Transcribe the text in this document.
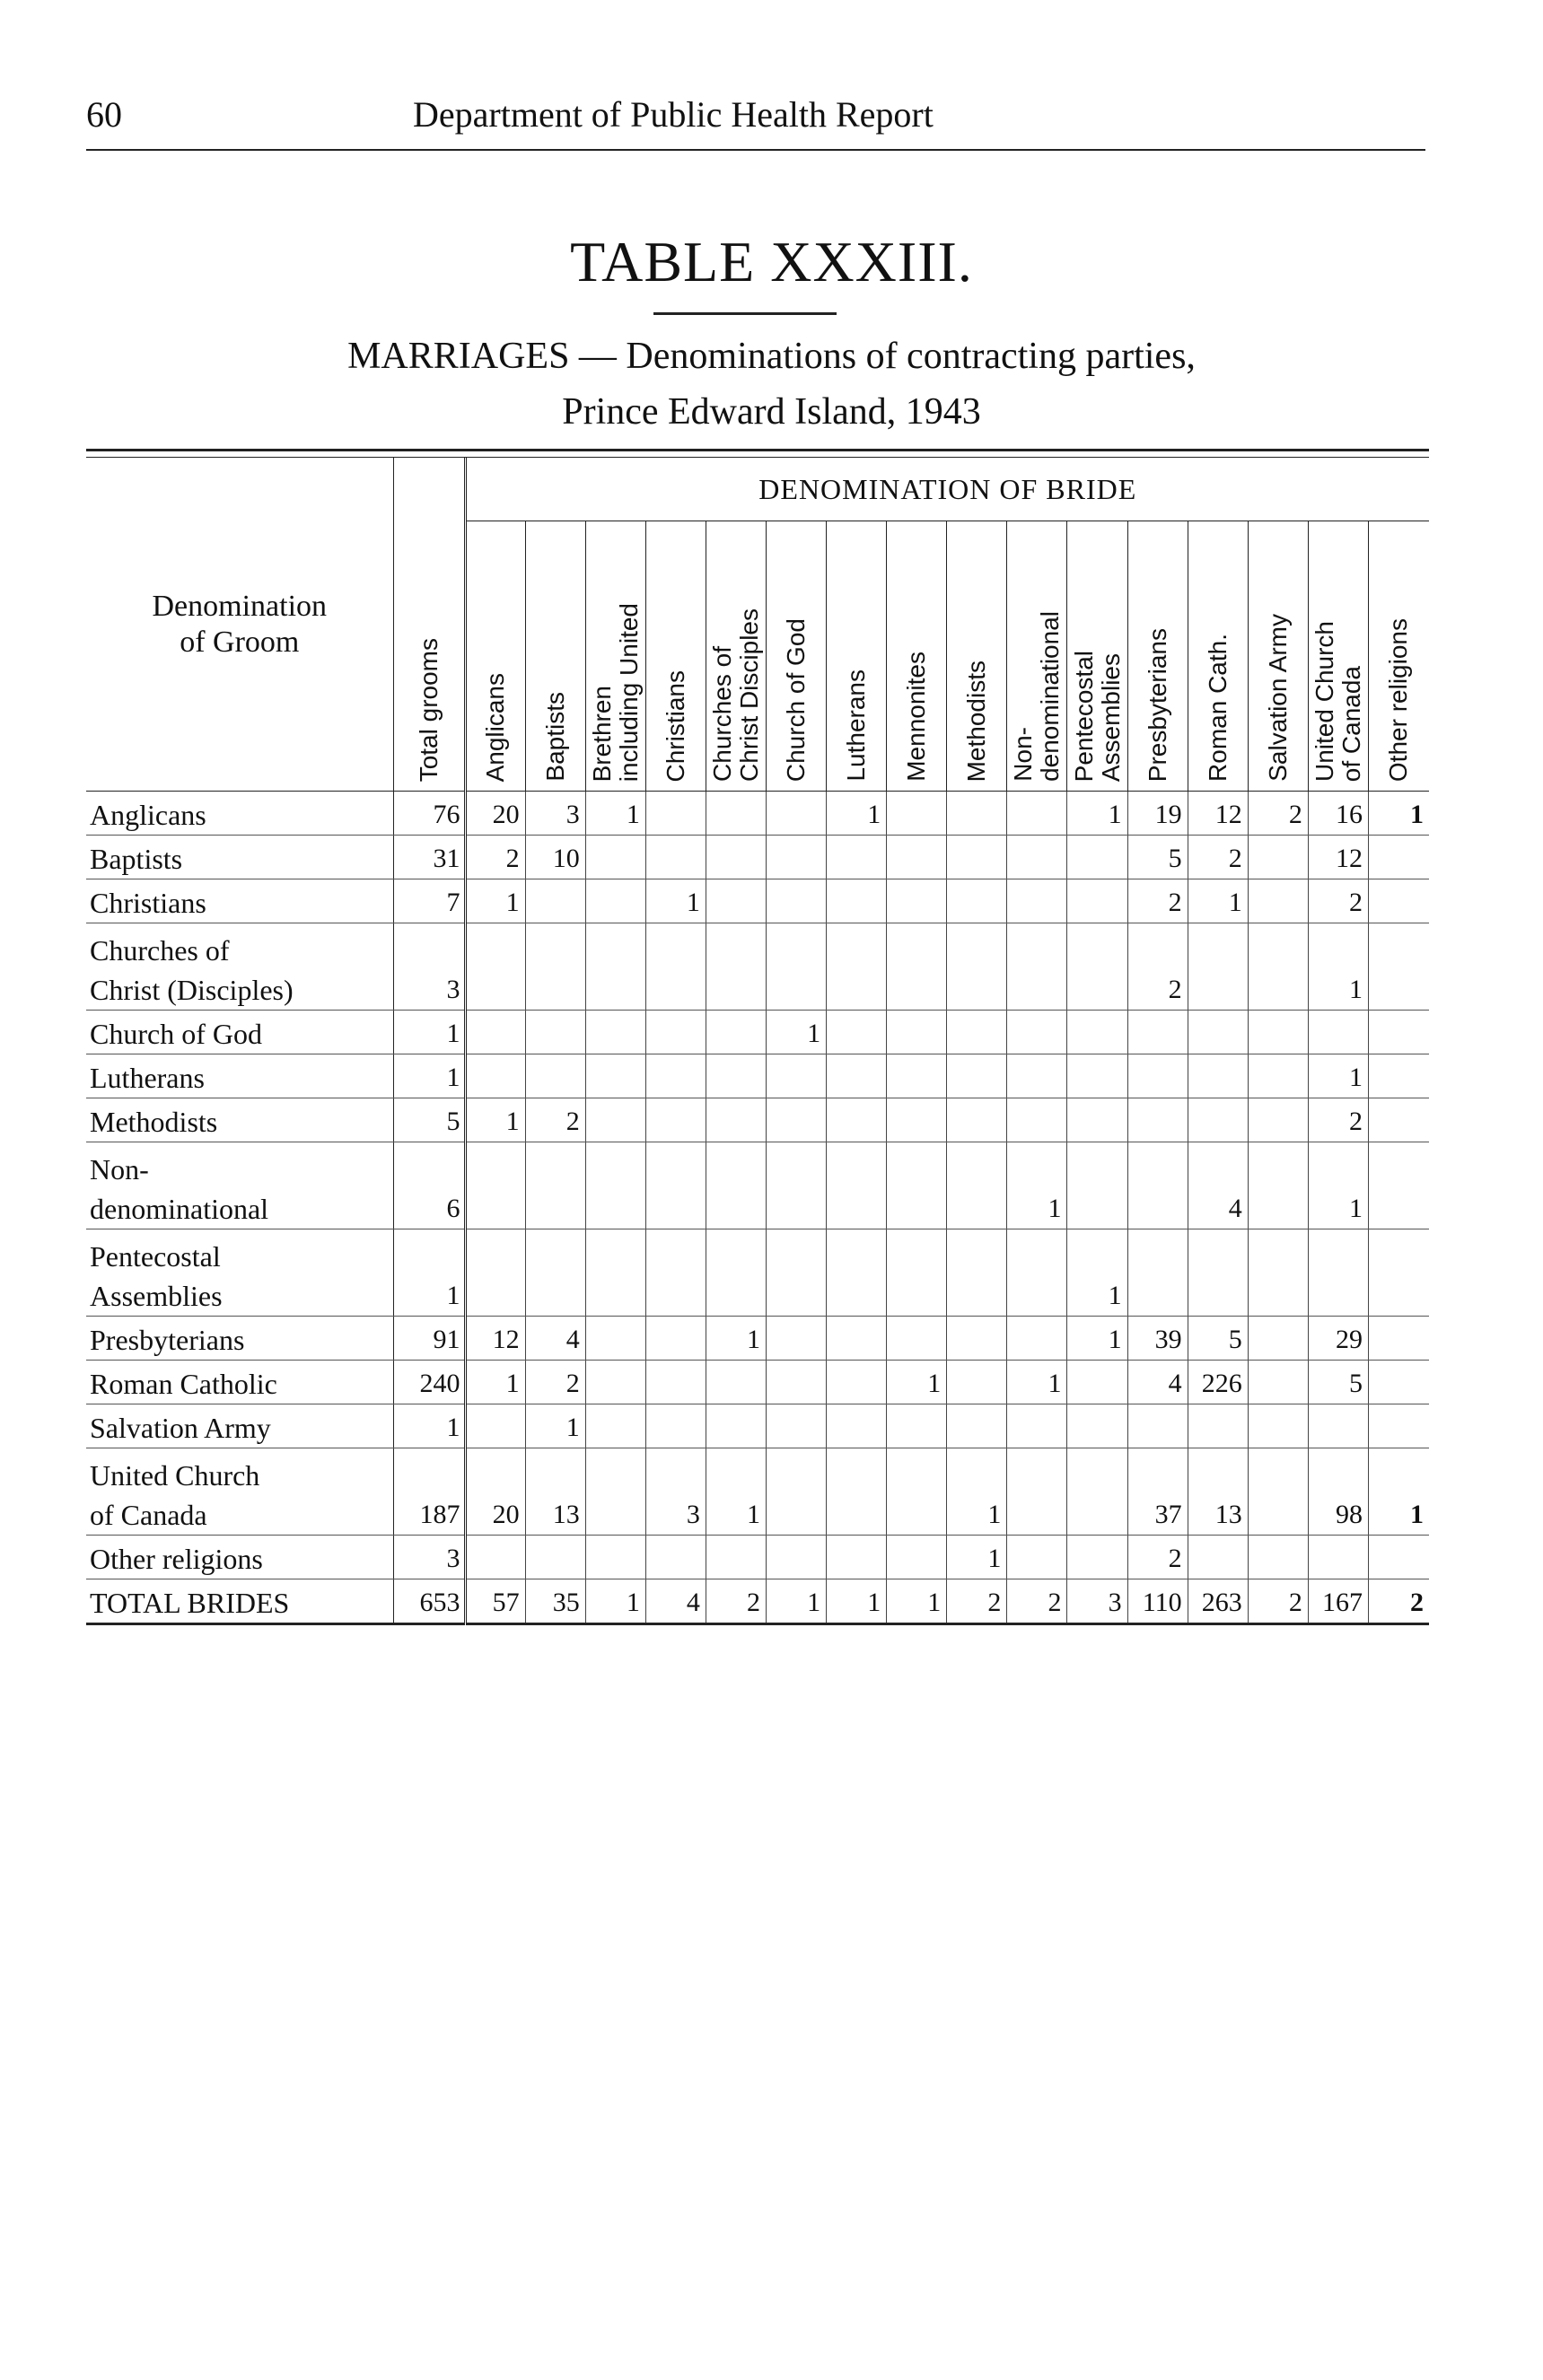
60	Department of Public Health Report
TABLE XXXIII.
MARRIAGES — Denominations of contracting parties,
Prince Edward Island, 1943
Denomination
of Groom	Total grooms	DENOMINATION OF BRIDE															

		Anglicans	Baptists	Brethren including United	Christians	Churches of Christ Disciples	Church of God	Lutherans	Mennonites	Methodists	Non- denominational	Pentecostal Assemblies	Presbyterians	Roman Cath.	Salvation Army	United Church of Canada	Other religions

Anglicans	76	20	3	1				1				1	19	12	2	16	1

Baptists	31	2	10										5	2		12	

Christians	7	1			1								2	1		2	

Churches of
Christ (Disciples)	3												2			1	

Church of God	1						1										

Lutherans	1															1	

Methodists	5	1	2													2	

Non-
denominational	6										1			4		1	

Pentecostal
Assemblies	1											1					

Presbyterians	91	12	4			1						1	39	5		29	

Roman Catholic	240	1	2						1		1		4	226		5	

Salvation Army	1		1														

United Church
of Canada	187	20	13		3	1				1			37	13		98	1

Other religions	3									1			2				
TOTAL BRIDES	653	57	35	1	4	2	1	1	1	2	2	3	110	263	2	167	2
